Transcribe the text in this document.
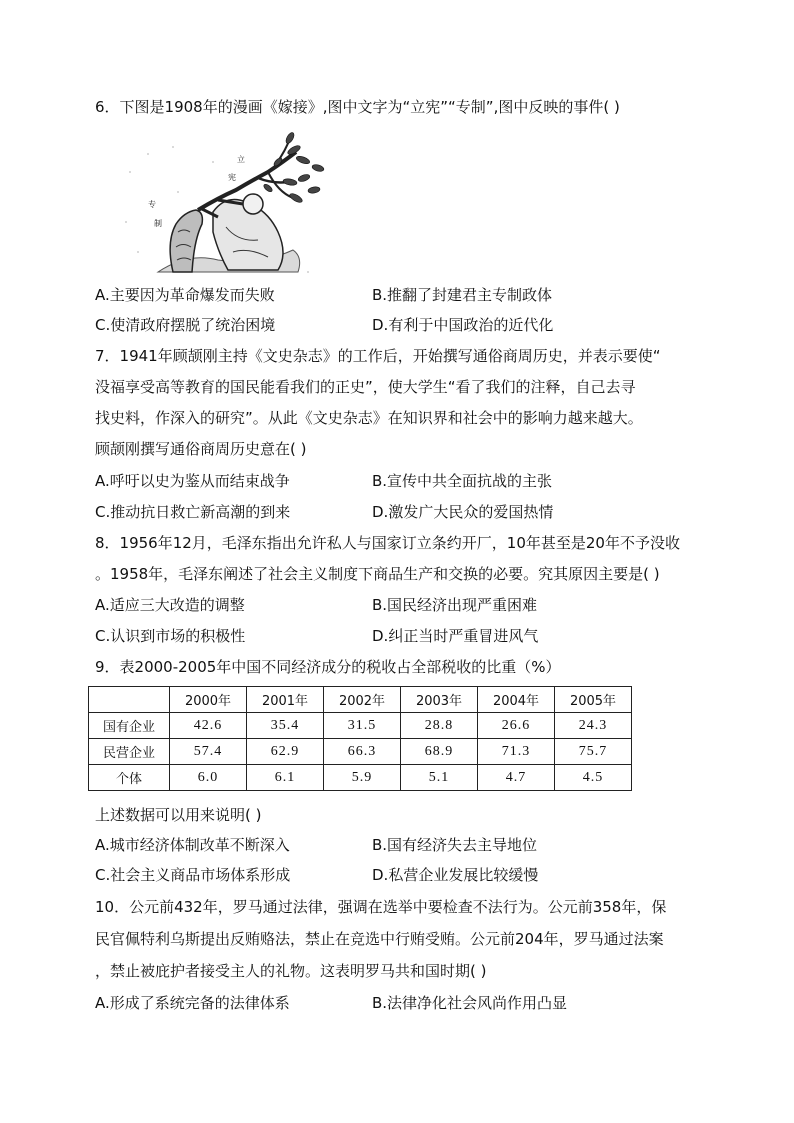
6．下图是1908年的漫画《嫁接》,图中文字为“立宪”“专制”,图中反映的事件( )
立
宪
专
制
A.主要因为革命爆发而失败	B.推翻了封建君主专制政体
C.使清政府摆脱了统治困境	D.有利于中国政治的近代化
7．1941年顾颉刚主持《文史杂志》的工作后，开始撰写通俗商周历史，并表示要使“
没福享受高等教育的国民能看我们的正史”，使大学生“看了我们的注释，自己去寻
找史料，作深入的研究”。从此《文史杂志》在知识界和社会中的影响力越来越大。
顾颉刚撰写通俗商周历史意在( )
A.呼吁以史为鉴从而结束战争	B.宣传中共全面抗战的主张
C.推动抗日救亡新高潮的到来	D.激发广大民众的爱国热情
8．1956年12月，毛泽东指出允许私人与国家订立条约开厂，10年甚至是20年不予没收
。1958年，毛泽东阐述了社会主义制度下商品生产和交换的必要。究其原因主要是( )
A.适应三大改造的调整	B.国民经济出现严重困难
C.认识到市场的积极性	D.纠正当时严重冒进风气
9．表2000-2005年中国不同经济成分的税收占全部税收的比重（%）
	2000年	2001年	2002年	2003年	2004年	2005年
国有企业	42.6	35.4	31.5	28.8	26.6	24.3
民营企业	57.4	62.9	66.3	68.9	71.3	75.7
个体	6.0	6.1	5.9	5.1	4.7	4.5
上述数据可以用来说明( )
A.城市经济体制改革不断深入	B.国有经济失去主导地位
C.社会主义商品市场体系形成	D.私营企业发展比较缓慢
10．公元前432年，罗马通过法律，强调在选举中要检查不法行为。公元前358年，保
民官佩特利乌斯提出反贿赂法，禁止在竞选中行贿受贿。公元前204年，罗马通过法案
，禁止被庇护者接受主人的礼物。这表明罗马共和国时期( )
A.形成了系统完备的法律体系	B.法律净化社会风尚作用凸显
